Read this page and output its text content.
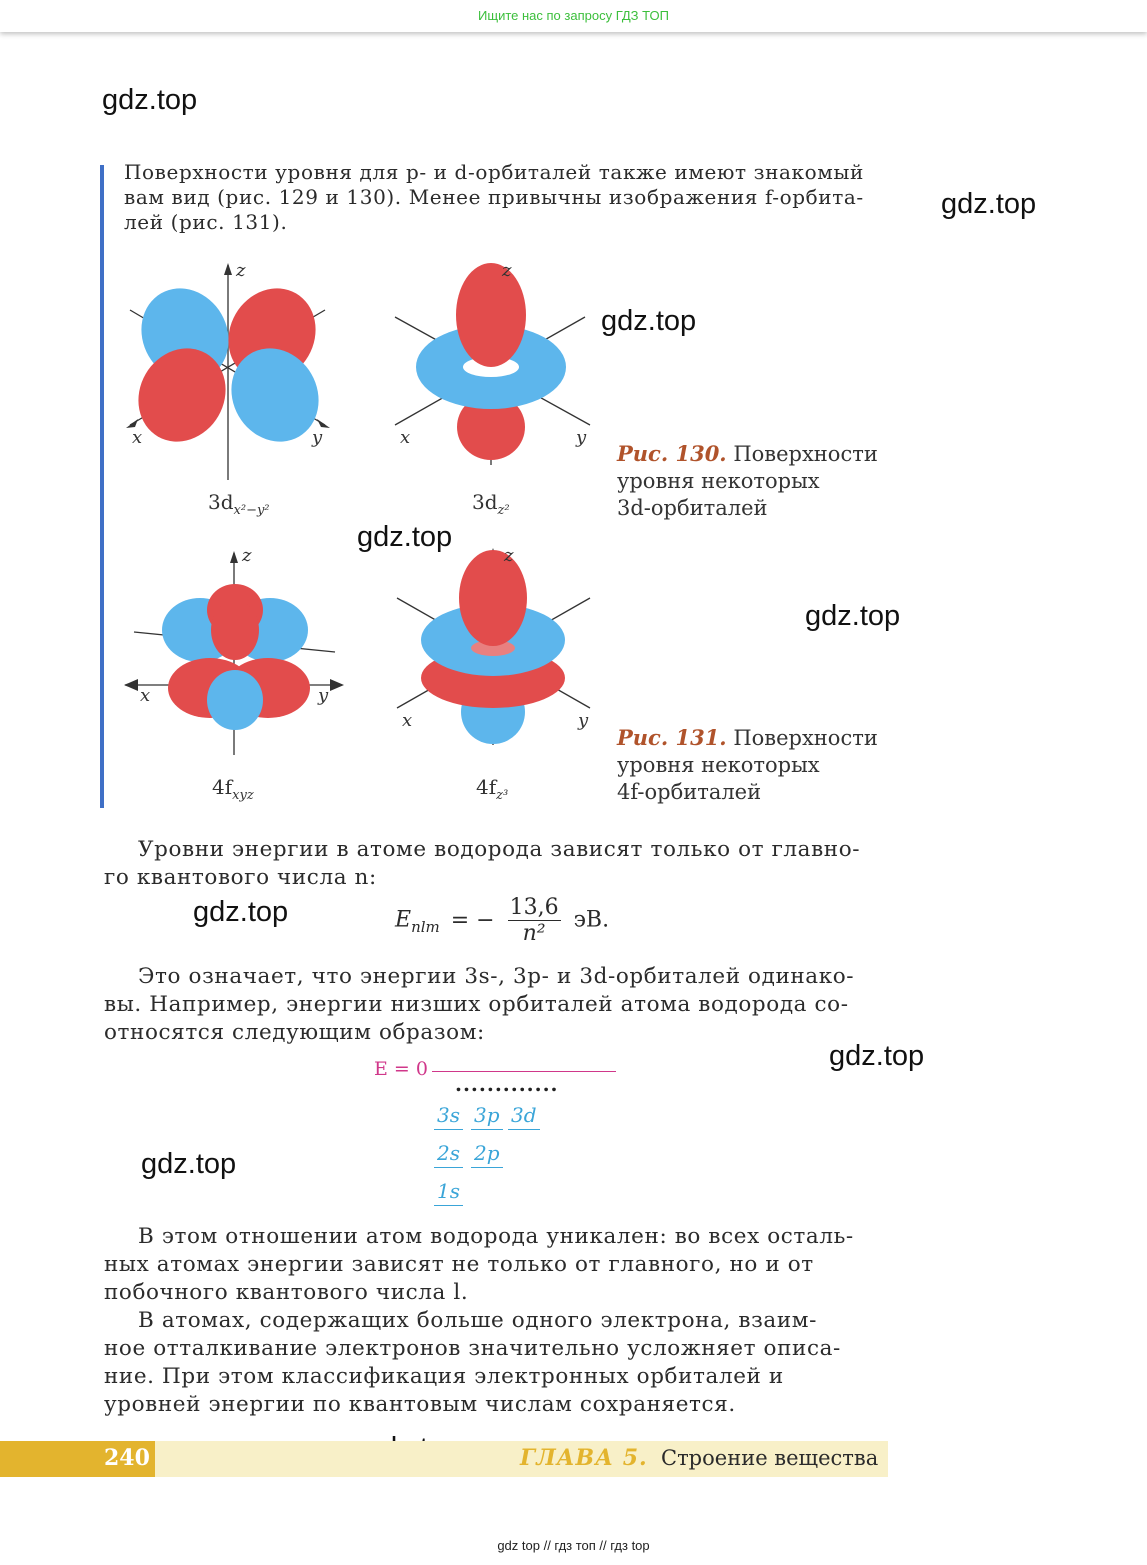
Ищите нас по запросу ГДЗ ТОП
gdz.top
gdz.top
gdz.top
gdz.top
gdz.top
gdz.top
gdz.top
gdz.top
Поверхности уровня для p- и d-орбиталей также имеют знакомый
вам вид (рис. 129 и 130). Менее привычны изображения f-орбита-
лей (рис. 131).
z
x	y
$3d_{x^2-y^2}$
z
x	y
$3d_{z^2}$
Рис. 130. Поверхности
уровня некоторых
3d-орбиталей
z
x	y
$4f_{xyz}$
z
x	y
$4f_{z^3}$
Рис. 131. Поверхности
уровня некоторых
4f-орбиталей
Уровни энергии в атоме водорода зависят только от главно-
го квантового числа n:
$E_{nlm}$ = − $\frac{13,6}{\text{n²}}$ эВ.
Это означает, что энергии 3s-, 3p- и 3d-орбиталей одинако-
вы. Например, энергии низших орбиталей атома водорода со-
относятся следующим образом:
E = 0
.............
3s 3p 3d
2s 2p
1s
В этом отношении атом водорода уникален: во всех осталь-
ных атомах энергии зависят не только от главного, но и от
побочного квантового числа l.
В атомах, содержащих больше одного электрона, взаим-
ное отталкивание электронов значительно усложняет описа-
ние. При этом классификация электронных орбиталей и
уровней энергии по квантовым числам сохраняется.
240	ГЛАВА 5. Строение вещества
gdz top // гдз топ // гдз top
